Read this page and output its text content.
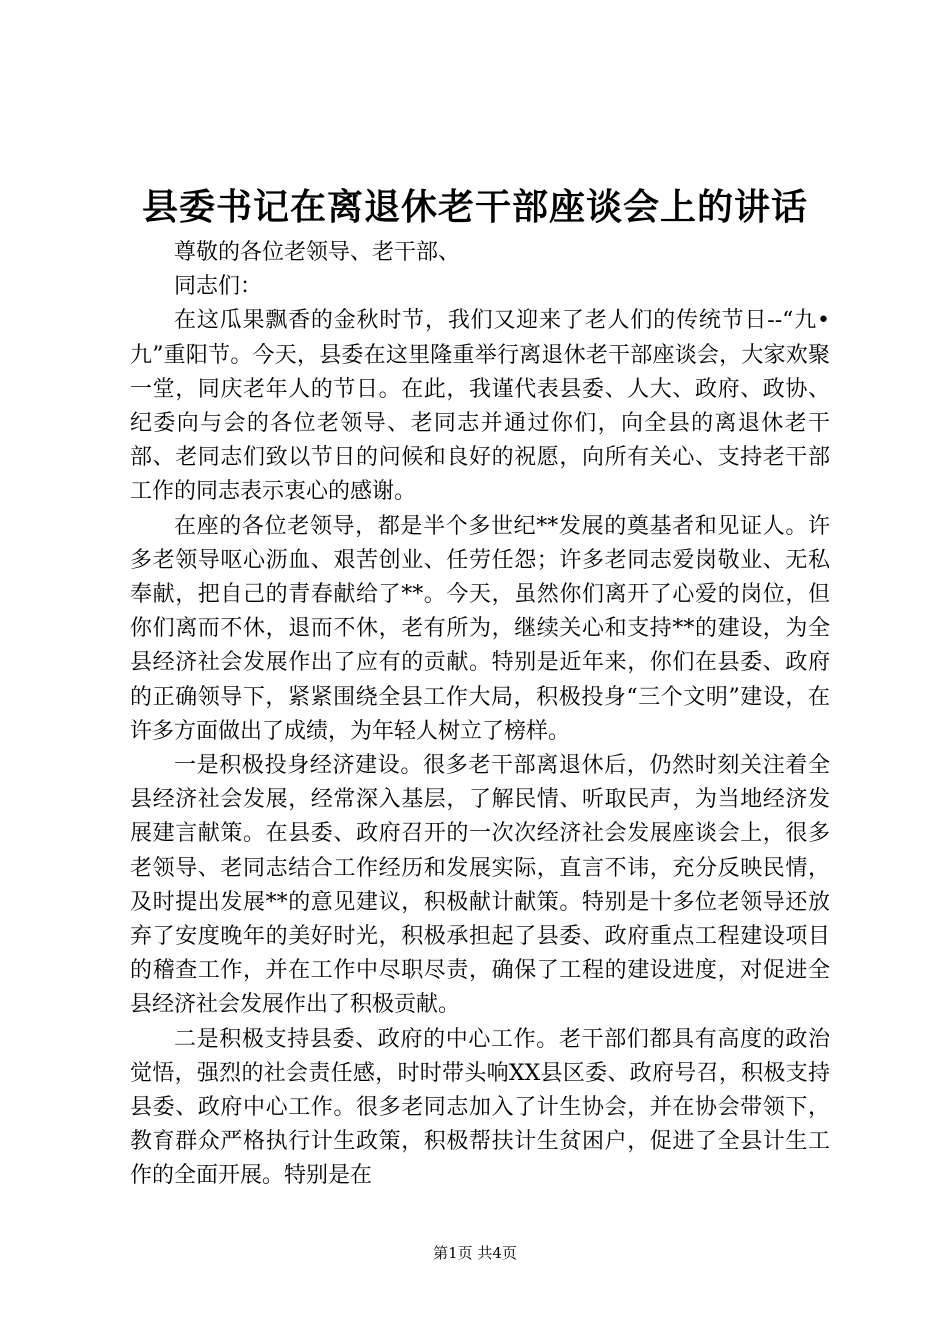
县委书记在离退休老干部座谈会上的讲话

尊敬的各位老领导、老干部、

同志们：

在这瓜果飘香的金秋时节，我们又迎来了老人们的传统节日--“九•九”重阳节。今天，县委在这里隆重举行离退休老干部座谈会，大家欢聚一堂，同庆老年人的节日。在此，我谨代表县委、人大、政府、政协、纪委向与会的各位老领导、老同志并通过你们，向全县的离退休老干部、老同志们致以节日的问候和良好的祝愿，向所有关心、支持老干部工作的同志表示衷心的感谢。

在座的各位老领导，都是半个多世纪**发展的奠基者和见证人。许多老领导呕心沥血、艰苦创业、任劳任怨；许多老同志爱岗敬业、无私奉献，把自己的青春献给了**。今天，虽然你们离开了心爱的岗位，但你们离而不休，退而不休，老有所为，继续关心和支持**的建设，为全县经济社会发展作出了应有的贡献。特别是近年来，你们在县委、政府的正确领导下，紧紧围绕全县工作大局，积极投身“三个文明”建设，在许多方面做出了成绩，为年轻人树立了榜样。

一是积极投身经济建设。很多老干部离退休后，仍然时刻关注着全县经济社会发展，经常深入基层，了解民情、听取民声，为当地经济发展建言献策。在县委、政府召开的一次次经济社会发展座谈会上，很多老领导、老同志结合工作经历和发展实际，直言不讳，充分反映民情，及时提出发展**的意见建议，积极献计献策。特别是十多位老领导还放弃了安度晚年的美好时光，积极承担起了县委、政府重点工程建设项目的稽查工作，并在工作中尽职尽责，确保了工程的建设进度，对促进全县经济社会发展作出了积极贡献。

二是积极支持县委、政府的中心工作。老干部们都具有高度的政治觉悟，强烈的社会责任感，时时带头响XX县区委、政府号召，积极支持县委、政府中心工作。很多老同志加入了计生协会，并在协会带领下，教育群众严格执行计生政策，积极帮扶计生贫困户，促进了全县计生工作的全面开展。特别是在

第1页 共4页
